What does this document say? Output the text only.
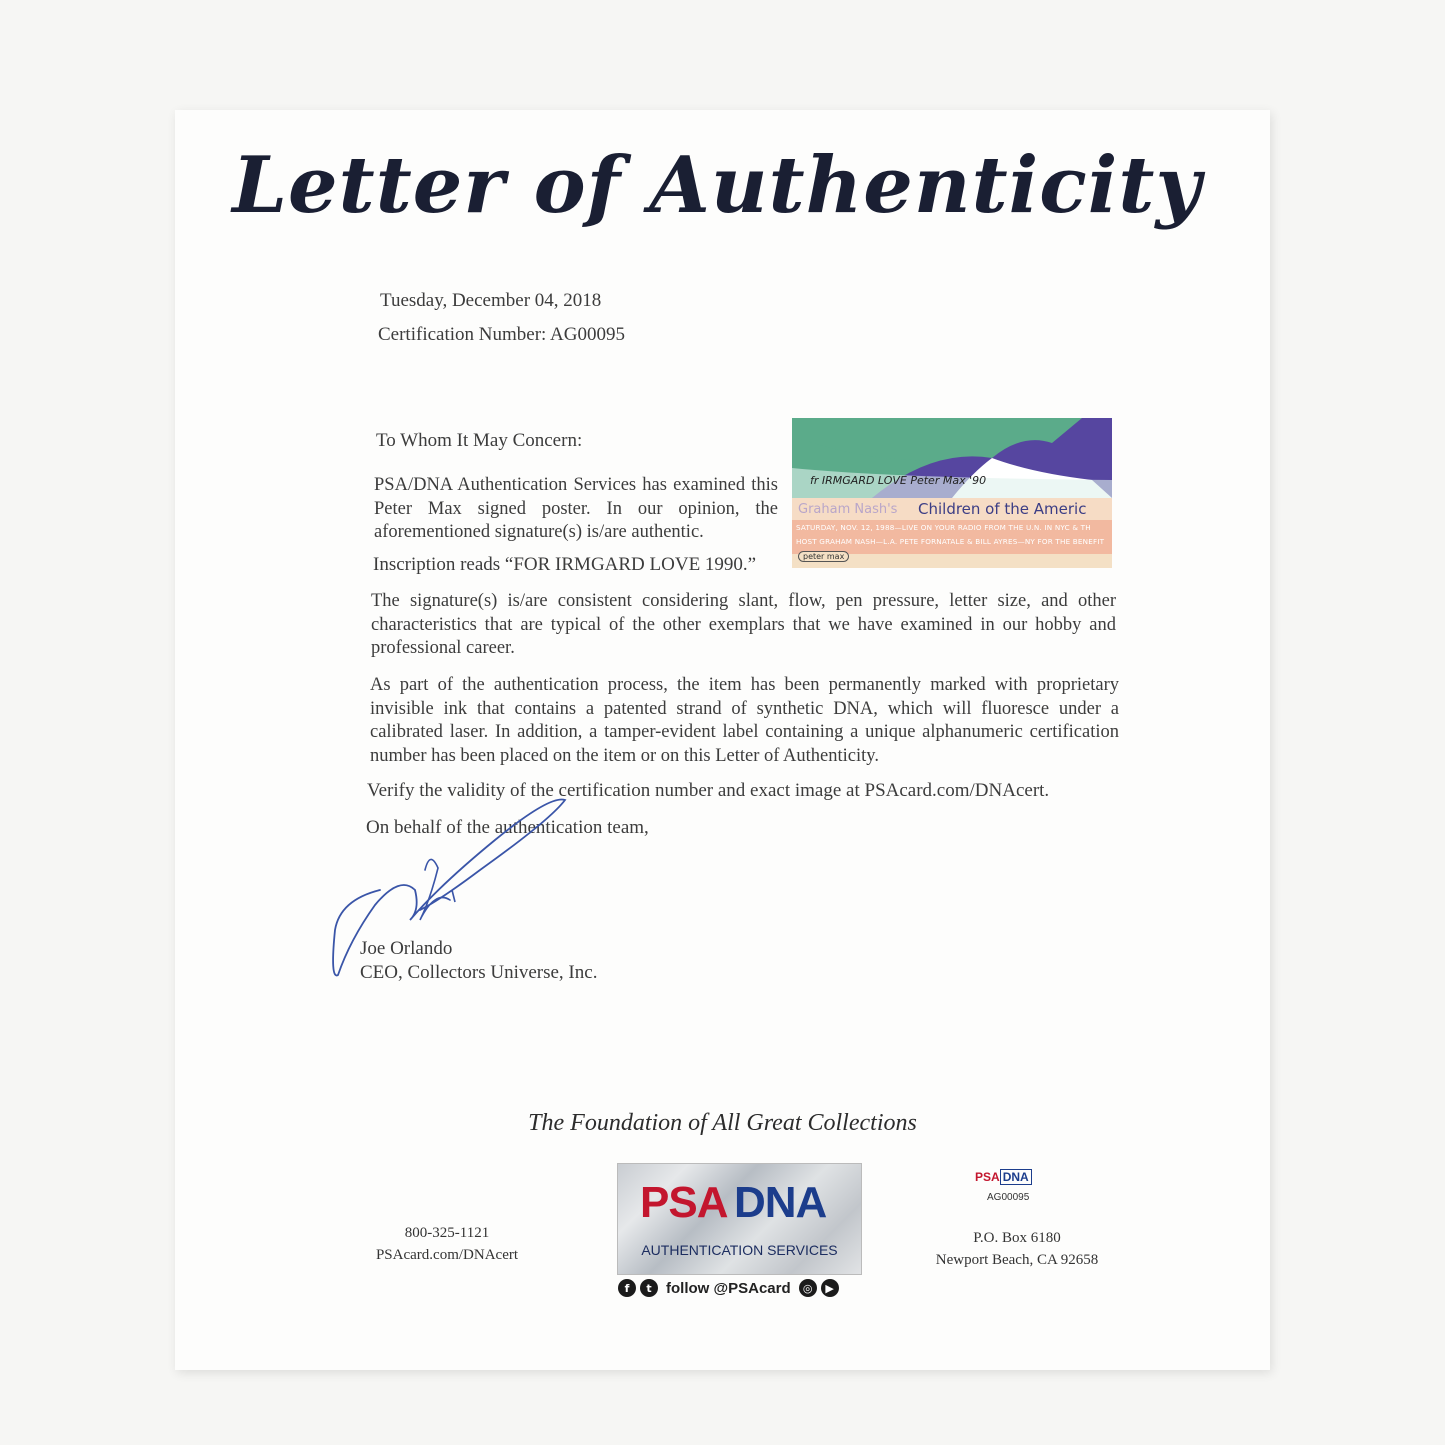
Letter of Authenticity
Tuesday, December 04, 2018
Certification Number: AG00095
To Whom It May Concern:
PSA/DNA Authentication Services has examined this Peter Max signed poster. In our opinion, the aforementioned signature(s) is/are authentic.
Inscription reads “FOR IRMGARD LOVE 1990.”
fr IRMGARD LOVE Peter Max '90
Graham Nash's Children of the Americ
SATURDAY, NOV. 12, 1988—LIVE ON YOUR RADIO FROM THE U.N. IN NYC & TH
HOST GRAHAM NASH—L.A. PETE FORNATALE & BILL AYRES—NY FOR THE BENEFIT
peter max
The signature(s) is/are consistent considering slant, flow, pen pressure, letter size, and other characteristics that are typical of the other exemplars that we have examined in our hobby and professional career.
As part of the authentication process, the item has been permanently marked with proprietary invisible ink that contains a patented strand of synthetic DNA, which will fluoresce under a calibrated laser. In addition, a tamper-evident label containing a unique alphanumeric certification number has been placed on the item or on this Letter of Authenticity.
Verify the validity of the certification number and exact image at PSAcard.com/DNAcert.
On behalf of the authentication team,
Joe Orlando
CEO, Collectors Universe, Inc.
The Foundation of All Great Collections
800-325-1121
PSAcard.com/DNAcert
PSA DNA
AUTHENTICATION SERVICES
f	t follow @PSAcard	◎	▶
PSA DNA
AG00095
P.O. Box 6180
Newport Beach, CA 92658
